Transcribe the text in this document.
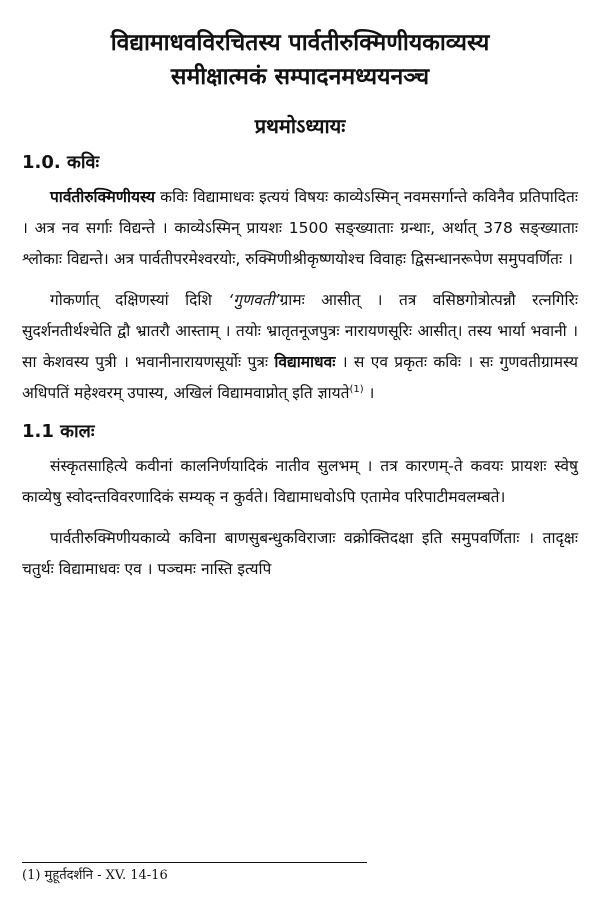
विद्यामाधवविरचितस्य पार्वतीरुक्मिणीयकाव्यस्य
समीक्षात्मकं सम्पादनमध्ययनञ्च
प्रथमोऽध्यायः
1.0. कविः

पार्वतीरुक्मिणीयस्य कविः विद्यामाधवः इत्ययं विषयः काव्येऽस्मिन् नवमसर्गान्ते कविनैव प्रतिपादितः । अत्र नव सर्गाः विद्यन्ते । काव्येऽस्मिन् प्रायशः 1500 सङ्ख्याताः ग्रन्थाः, अर्थात् 378 सङ्ख्याताः श्लोकाः विद्यन्ते। अत्र पार्वतीपरमेश्वरयोः, रुक्मिणीश्रीकृष्णयोश्च विवाहः द्विसन्धानरूपेण समुपवर्णितः ।

गोकर्णात् दक्षिणस्यां दिशि ‘गुणवती’ग्रामः आसीत् । तत्र वसिष्ठगोत्रोत्पन्नौ रत्नगिरिः सुदर्शनतीर्थश्चेति द्वौ भ्रातरौ आस्ताम् । तयोः भ्रातृतनूजपुत्रः नारायणसूरिः आसीत्। तस्य भार्या भवानी । सा केशवस्य पुत्री । भवानीनारायणसूर्योः पुत्रः विद्यामाधवः । स एव प्रकृतः कविः । सः गुणवतीग्रामस्य अधिपतिं महेश्वरम् उपास्य, अखिलं विद्यामवाप्नोत् इति ज्ञायते$^{(1)}$ ।

1.1 कालः

संस्कृतसाहित्ये कवीनां कालनिर्णयादिकं नातीव सुलभम् । तत्र कारणम्-ते कवयः प्रायशः स्वेषु काव्येषु स्वोदन्तविवरणादिकं सम्यक् न कुर्वते। विद्यामाधवोऽपि एतामेव परिपाटीमवलम्बते।

पार्वतीरुक्मिणीयकाव्ये कविना बाणसुबन्धुकविराजाः वक्रोक्तिदक्षा इति समुपवर्णिताः । तादृक्षः चतुर्थः विद्यामाधवः एव । पञ्चमः नास्ति इत्यपि

(1) मुहूर्तदर्शनि - XV. 14-16
